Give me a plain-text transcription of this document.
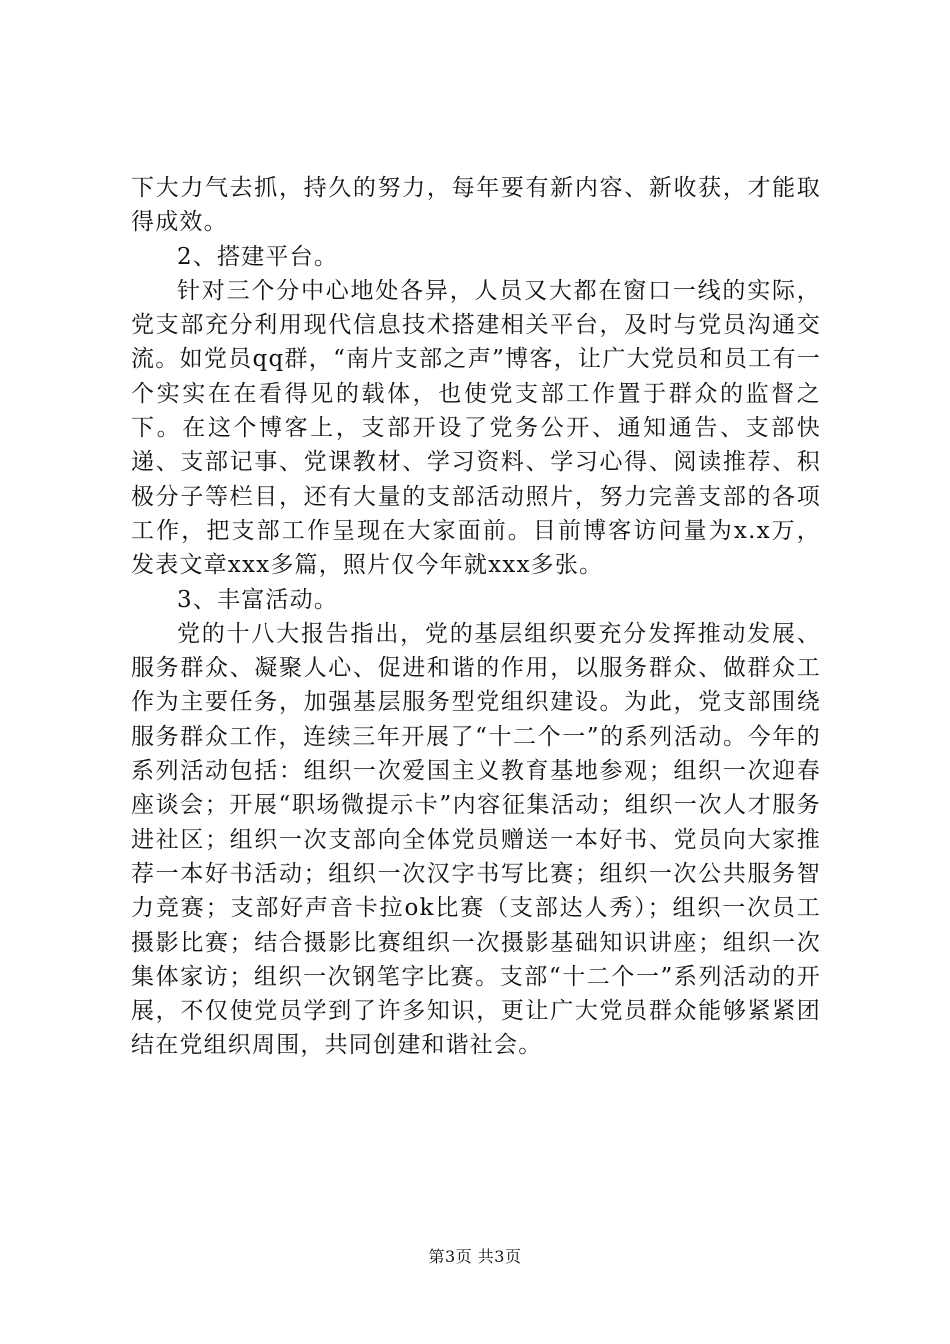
下大力气去抓，持久的努力，每年要有新内容、新收获，才能取得成效。

2、搭建平台。

针对三个分中心地处各异，人员又大都在窗口一线的实际，党支部充分利用现代信息技术搭建相关平台，及时与党员沟通交流。如党员qq群，“南片支部之声”博客，让广大党员和员工有一个实实在在看得见的载体，也使党支部工作置于群众的监督之下。在这个博客上，支部开设了党务公开、通知通告、支部快递、支部记事、党课教材、学习资料、学习心得、阅读推荐、积极分子等栏目，还有大量的支部活动照片，努力完善支部的各项工作，把支部工作呈现在大家面前。目前博客访问量为x.x万，发表文章xxx多篇，照片仅今年就xxx多张。

3、丰富活动。

党的十八大报告指出，党的基层组织要充分发挥推动发展、服务群众、凝聚人心、促进和谐的作用，以服务群众、做群众工作为主要任务，加强基层服务型党组织建设。为此，党支部围绕服务群众工作，连续三年开展了“十二个一”的系列活动。今年的系列活动包括：组织一次爱国主义教育基地参观；组织一次迎春座谈会；开展“职场微提示卡”内容征集活动；组织一次人才服务进社区；组织一次支部向全体党员赠送一本好书、党员向大家推荐一本好书活动；组织一次汉字书写比赛；组织一次公共服务智力竞赛；支部好声音卡拉ok比赛（支部达人秀）；组织一次员工摄影比赛；结合摄影比赛组织一次摄影基础知识讲座；组织一次集体家访；组织一次钢笔字比赛。支部“十二个一”系列活动的开展，不仅使党员学到了许多知识，更让广大党员群众能够紧紧团结在党组织周围，共同创建和谐社会。

第3页 共3页
